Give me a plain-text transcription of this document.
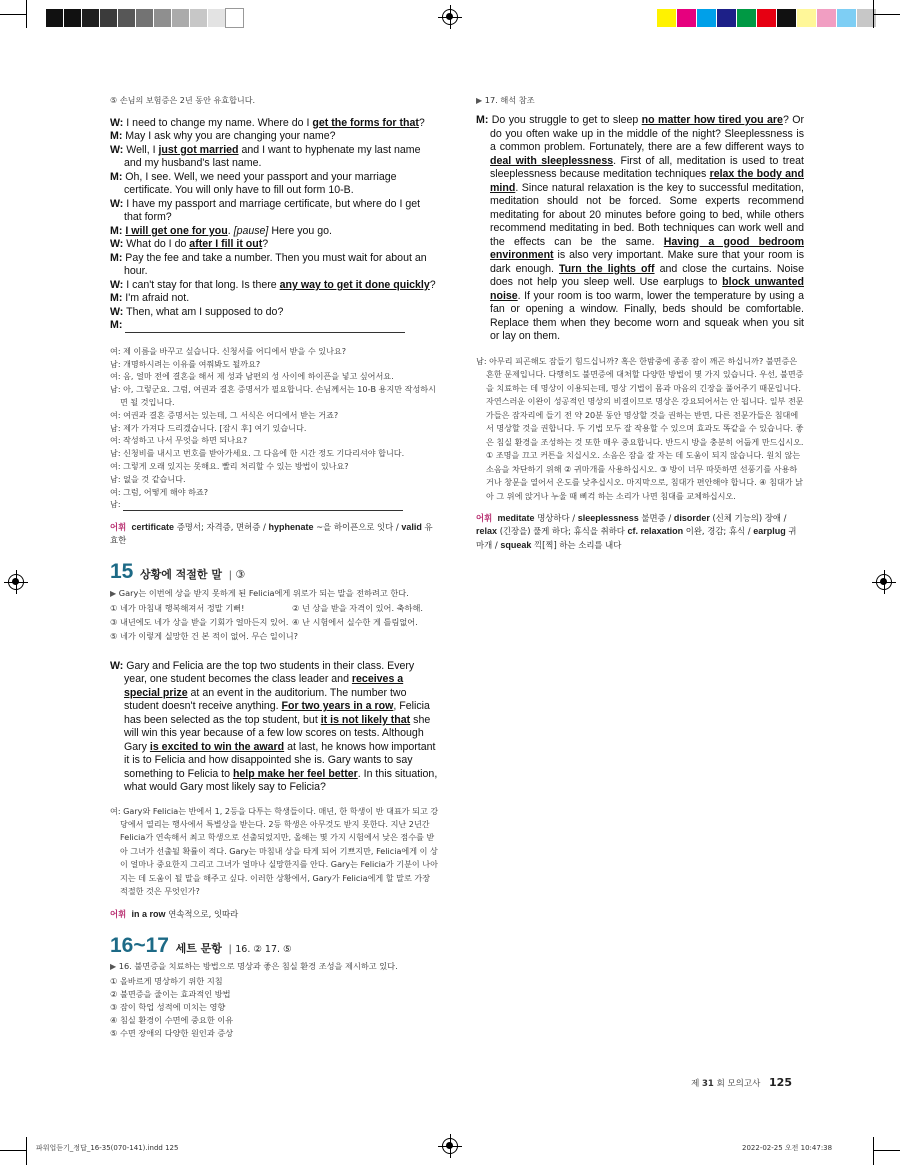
⑤ 손님의 보험증은 2년 동안 유효합니다.
W: I need to change my name. Where do I get the forms for that?
M: May I ask why you are changing your name?
W: Well, I just got married and I want to hyphenate my last name and my husband's last name.
M: Oh, I see. Well, we need your passport and your marriage certificate. You will only have to fill out form 10-B.
W: I have my passport and marriage certificate, but where do I get that form?
M: I will get one for you. [pause] Here you go.
W: What do I do after I fill it out?
M: Pay the fee and take a number. Then you must wait for about an hour.
W: I can't stay for that long. Is there any way to get it done quickly?
M: I'm afraid not.
W: Then, what am I supposed to do?
M:
여: 제 이름을 바꾸고 싶습니다. 신청서를 어디에서 받을 수 있나요?
남: 개명하시려는 이유를 여쭤봐도 될까요?
여: 음, 얼마 전에 결혼을 해서 제 성과 남편의 성 사이에 하이픈을 넣고 싶어서요.
남: 아, 그렇군요. 그럼, 여권과 결혼 증명서가 필요합니다. 손님께서는 10-B 용지만 작성하시면 될 것입니다.
여: 여권과 결혼 증명서는 있는데, 그 서식은 어디에서 받는 거죠?
남: 제가 가져다 드리겠습니다. [잠시 후] 여기 있습니다.
여: 작성하고 나서 무엇을 하면 되나요?
남: 신청비를 내시고 번호를 받아가세요. 그 다음에 한 시간 정도 기다리셔야 합니다.
여: 그렇게 오래 있지는 못해요. 빨리 처리할 수 있는 방법이 있나요?
남: 없을 것 같습니다.
여: 그럼, 어떻게 해야 하죠?
남:
어휘 certificate 증명서; 자격증, 면허증 / hyphenate ~을 하이픈으로 잇다 / valid 유효한
15 상황에 적절한 말 | ③
▶ Gary는 이번에 상을 받지 못하게 된 Felicia에게 위로가 되는 말을 전하려고 한다.
① 네가 마침내 행복해져서 정말 기뻐!	② 넌 상을 받을 자격이 있어. 축하해.
③ 내년에도 네가 상을 받을 기회가 얼마든지 있어. ④ 난 시험에서 실수한 게 틀림없어.
⑤ 네가 이렇게 실망한 건 본 적이 없어. 무슨 일이니?
W: Gary and Felicia are the top two students in their class. Every year, one student becomes the class leader and receives a special prize at an event in the auditorium. The number two student doesn't receive anything. For two years in a row, Felicia has been selected as the top student, but it is not likely that she will win this year because of a few low scores on tests. Although Gary is excited to win the award at last, he knows how important it is to Felicia and how disappointed she is. Gary wants to say something to Felicia to help make her feel better. In this situation, what would Gary most likely say to Felicia?
여: Gary와 Felicia는 반에서 1, 2등을 다투는 학생들이다. 매년, 한 학생이 반 대표가 되고 강당에서 열리는 행사에서 특별상을 받는다. 2등 학생은 아무것도 받지 못한다. 지난 2년간 Felicia가 연속해서 최고 학생으로 선출되었지만, 올해는 몇 가지 시험에서 낮은 점수를 받아 그녀가 선출될 확률이 적다. Gary는 마침내 상을 타게 되어 기쁘지만, Felicia에게 이 상이 얼마나 중요한지 그리고 그녀가 얼마나 실망한지를 안다. Gary는 Felicia가 기분이 나아지는 데 도움이 될 말을 해주고 싶다. 이러한 상황에서, Gary가 Felicia에게 할 말로 가장 적절한 것은 무엇인가?
어휘 in a row 연속적으로, 잇따라
16~17 세트 문항 | 16. ② 17. ⑤
▶ 16. 불면증을 치료하는 방법으로 명상과 좋은 침실 환경 조성을 제시하고 있다.
① 올바르게 명상하기 위한 지침
② 불면증을 줄이는 효과적인 방법
③ 잠이 학업 성적에 미치는 영향
④ 침실 환경이 수면에 중요한 이유
⑤ 수면 장애의 다양한 원인과 증상
▶ 17. 해석 참조
M: Do you struggle to get to sleep no matter how tired you are? Or do you often wake up in the middle of the night? Sleeplessness is a common problem. Fortunately, there are a few different ways to deal with sleeplessness. First of all, meditation is used to treat sleeplessness because meditation techniques relax the body and mind. Since natural relaxation is the key to successful meditation, meditation should not be forced. Some experts recommend meditating for about 20 minutes before going to bed, while others recommend meditating in bed. Both techniques can work well and the effects can be the same. Having a good bedroom environment is also very important. Make sure that your room is dark enough. Turn the lights off and close the curtains. Noise does not help you sleep well. Use earplugs to block unwanted noise. If your room is too warm, lower the temperature by using a fan or opening a window. Finally, beds should be comfortable. Replace them when they become worn and squeak when you sit or lay on them.
남: 아무리 피곤해도 잠들기 힘드십니까? 혹은 한밤중에 종종 잠이 깨곤 하십니까? 불면증은 흔한 문제입니다. 다행히도 불면증에 대처할 다양한 방법이 몇 가지 있습니다. 우선, 불면증을 치료하는 데 명상이 이용되는데, 명상 기법이 몸과 마음의 긴장을 풀어주기 때문입니다. 자연스러운 이완이 성공적인 명상의 비결이므로 명상은 강요되어서는 안 됩니다. 일부 전문가들은 잠자리에 들기 전 약 20분 동안 명상할 것을 권하는 반면, 다른 전문가들은 침대에서 명상할 것을 권합니다. 두 기법 모두 잘 작용할 수 있으며 효과도 똑같을 수 있습니다. 좋은 침실 환경을 조성하는 것 또한 매우 중요합니다. 반드시 방을 충분히 어둡게 만드십시오. ① 조명을 끄고 커튼을 치십시오. 소음은 잠을 잘 자는 데 도움이 되지 않습니다. 원치 않는 소음을 차단하기 위해 ② 귀마개를 사용하십시오. ③ 방이 너무 따뜻하면 선풍기를 사용하거나 창문을 열어서 온도를 낮추십시오. 마지막으로, 침대가 편안해야 합니다. ④ 침대가 낡아 그 위에 앉거나 누울 때 삐걱 하는 소리가 나면 침대를 교체하십시오.
어휘 meditate 명상하다 / sleeplessness 불면증 / disorder (신체 기능의) 장애 / relax (긴장을) 풀게 하다; 휴식을 취하다 cf. relaxation 이완, 경감; 휴식 / earplug 귀마개 / squeak 끽[찍] 하는 소리를 내다
제 31 회 모의고사 125
파워업듣기_정답_16-35(070-141).indd 125	2022-02-25 오전 10:47:38
